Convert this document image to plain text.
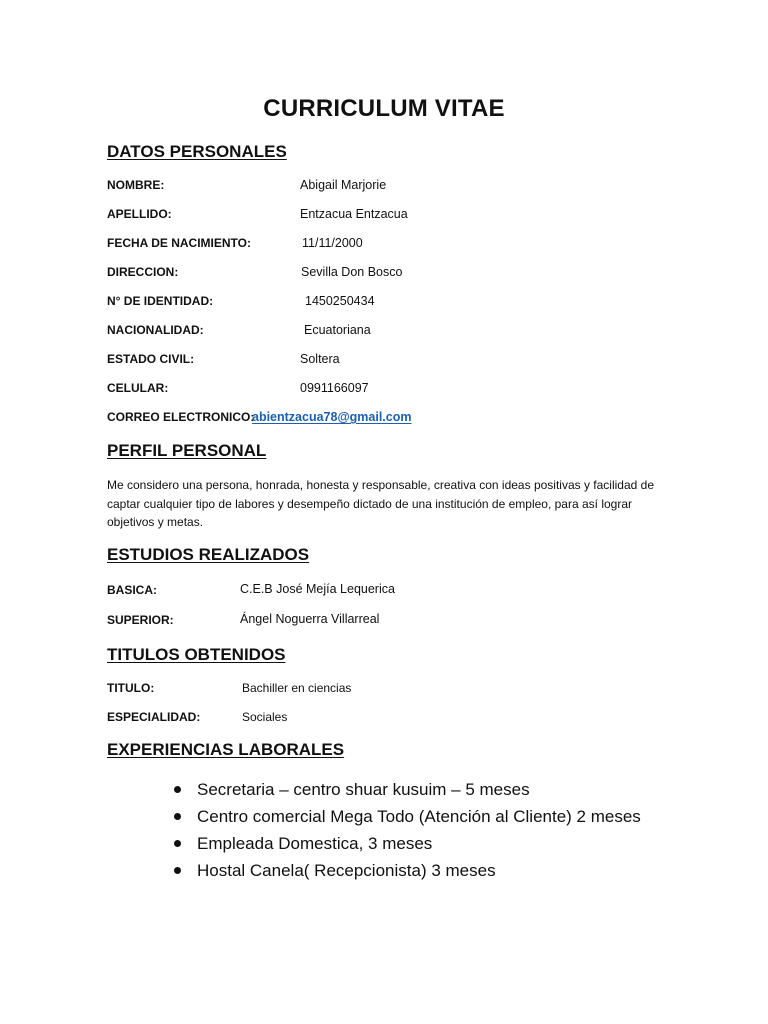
CURRICULUM VITAE
DATOS PERSONALES
NOMBRE:	Abigail Marjorie
APELLIDO:	Entzacua Entzacua
FECHA DE NACIMIENTO:	11/11/2000
DIRECCION:	Sevilla Don Bosco
N° DE IDENTIDAD:	1450250434
NACIONALIDAD:	Ecuatoriana
ESTADO CIVIL:	Soltera
CELULAR:	0991166097
CORREO ELECTRONICO:
abientzacua78@gmail.com
PERFIL PERSONAL
Me considero una persona, honrada, honesta y responsable, creativa con ideas positivas y facilidad de captar cualquier tipo de labores y desempeño dictado de una institución de empleo, para así lograr objetivos y metas.
ESTUDIOS REALIZADOS
BASICA:	C.E.B José Mejía Lequerica
SUPERIOR:	Ángel Noguerra Villarreal
TITULOS OBTENIDOS
TITULO:	Bachiller en ciencias
ESPECIALIDAD:	Sociales
EXPERIENCIAS LABORALES
Secretaria – centro shuar kusuim – 5 meses
Centro comercial Mega Todo (Atención al Cliente) 2 meses
Empleada Domestica, 3 meses
Hostal Canela( Recepcionista) 3 meses
